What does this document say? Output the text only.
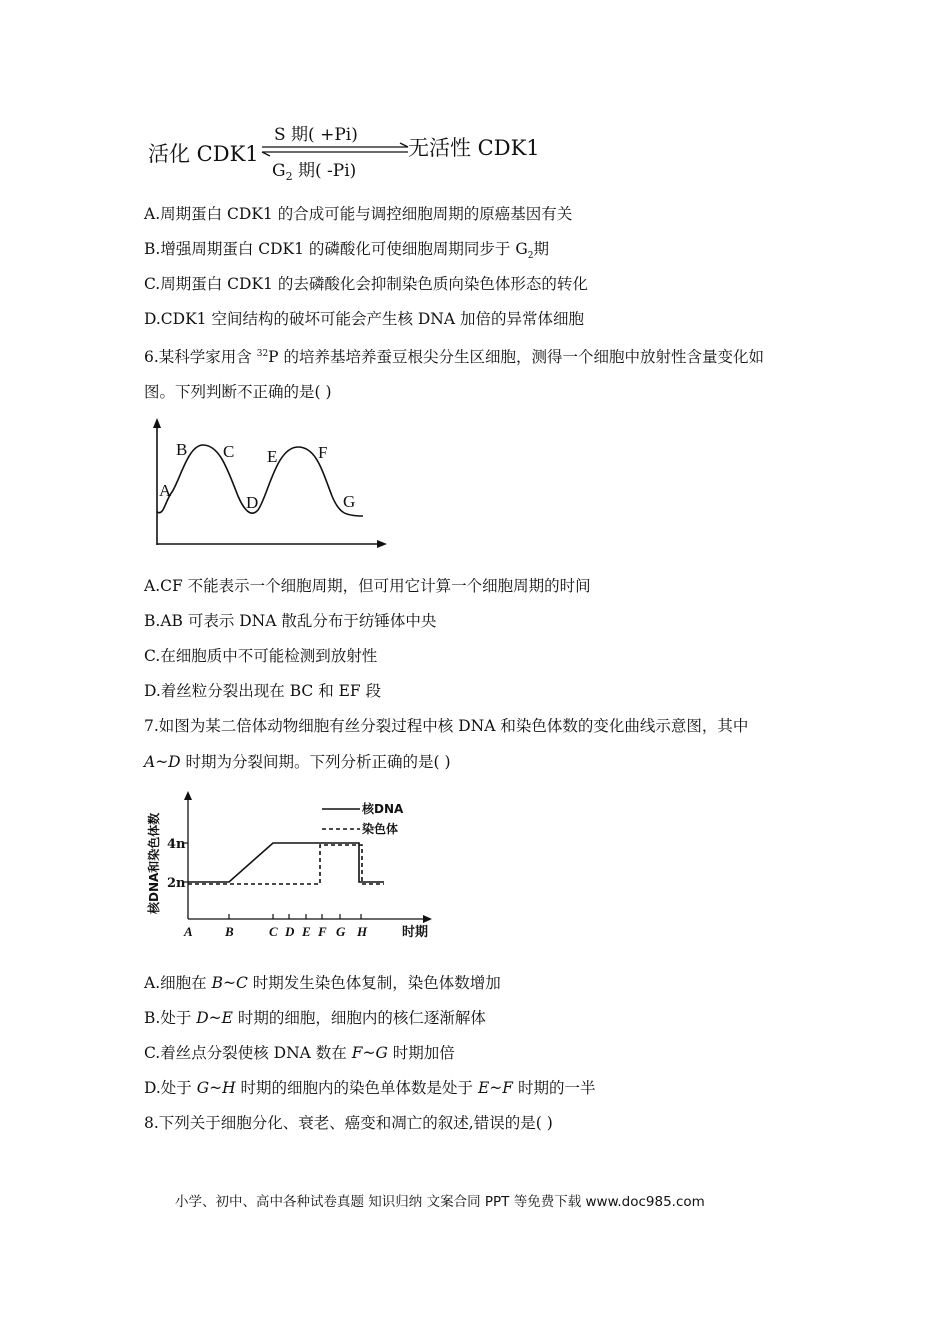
活化 CDK1
S 期( +Pi)
$G_2$ 期( -Pi)
无活性 CDK1
A.周期蛋白 CDK1 的合成可能与调控细胞周期的原癌基因有关
B.增强周期蛋白 CDK1 的磷酸化可使细胞周期同步于 $G_2$期
C.周期蛋白 CDK1 的去磷酸化会抑制染色质向染色体形态的转化
D.CDK1 空间结构的破坏可能会产生核 DNA 加倍的异常体细胞
6.某科学家用含 $^{32}$P 的培养基培养蚕豆根尖分生区细胞，测得一个细胞中放射性含量变化如
图。下列判断不正确的是( )
A
B C
D
E F
G
A.CF 不能表示一个细胞周期，但可用它计算一个细胞周期的时间
B.AB 可表示 DNA 散乱分布于纺锤体中央
C.在细胞质中不可能检测到放射性
D.着丝粒分裂出现在 BC 和 EF 段
7.如图为某二倍体动物细胞有丝分裂过程中核 DNA 和染色体数的变化曲线示意图，其中
A~D 时期为分裂间期。下列分析正确的是( )
核DNA和染色体数 4n
2n
A B	C D E F G H	时期
核DNA
染色体
A.细胞在 B~C 时期发生染色体复制，染色体数增加
B.处于 D~E 时期的细胞，细胞内的核仁逐渐解体
C.着丝点分裂使核 DNA 数在 F~G 时期加倍
D.处于 G~H 时期的细胞内的染色单体数是处于 E~F 时期的一半
8.下列关于细胞分化、衰老、癌变和凋亡的叙述,错误的是( )
小学、初中、高中各种试卷真题 知识归纳 文案合同 PPT 等免费下载 www.doc985.com
